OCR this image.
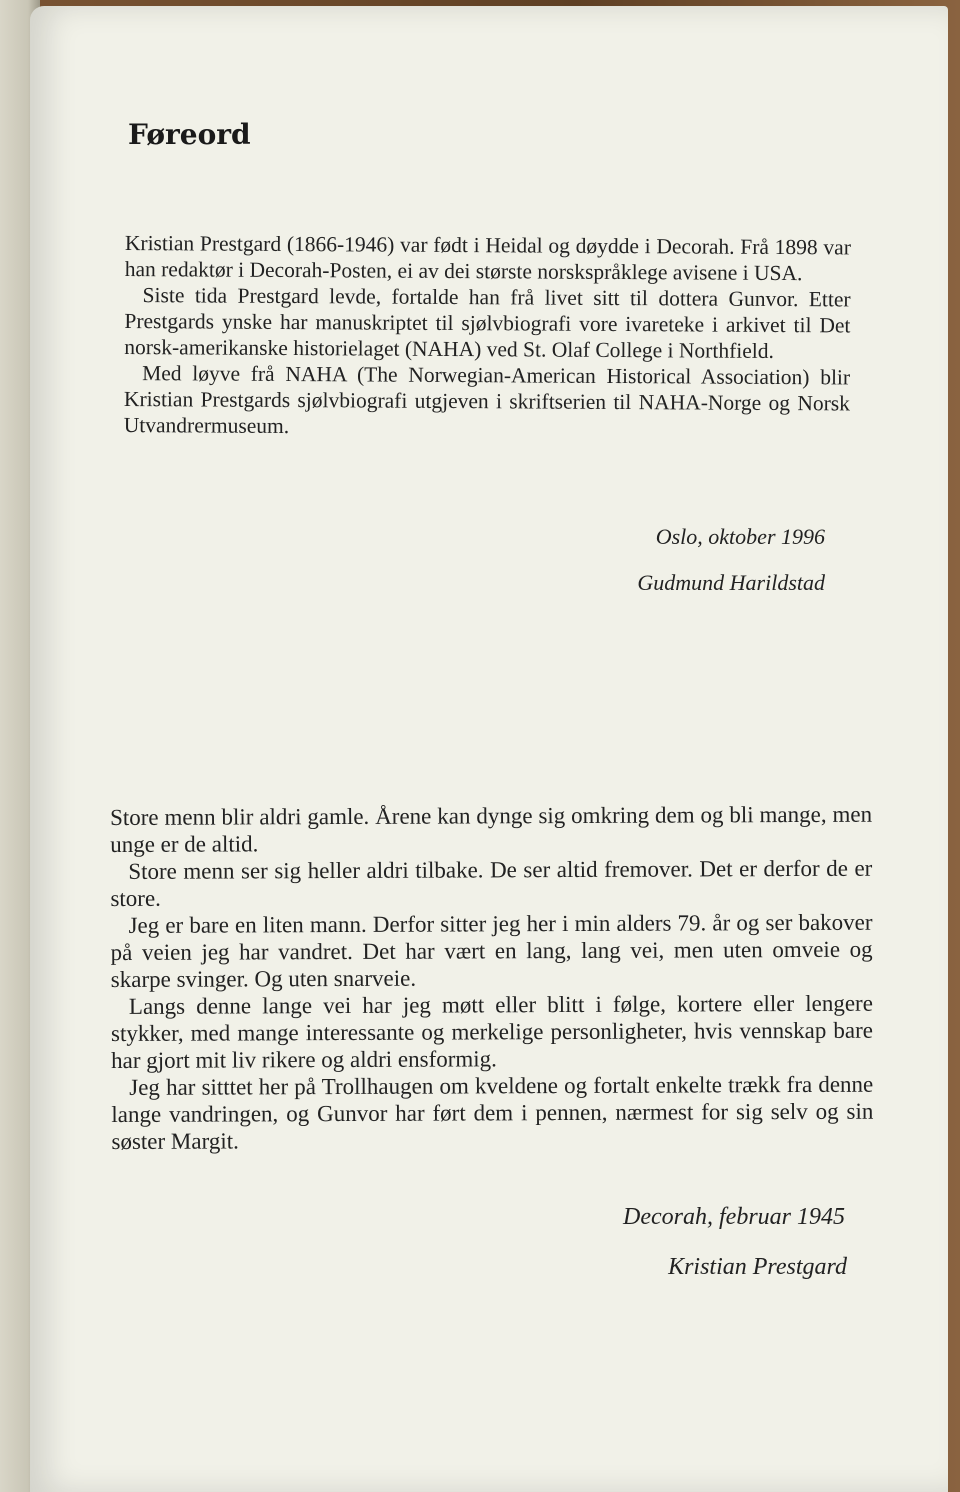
Føreord

Kristian Prestgard (1866-1946) var født i Heidal og døydde i Decorah. Frå 1898 var han redaktør i Decorah-Posten, ei av dei største norskspråklege avisene i USA.

Siste tida Prestgard levde, fortalde han frå livet sitt til dottera Gunvor. Etter Prestgards ynske har manuskriptet til sjølvbiografi vore ivareteke i arkivet til Det norsk-amerikanske historielaget (NAHA) ved St. Olaf College i Northfield.

Med løyve frå NAHA (The Norwegian-American Historical Association) blir Kristian Prestgards sjølvbiografi utgjeven i skriftserien til NAHA-Norge og Norsk Utvandrermuseum.

Oslo, oktober 1996
Gudmund Harildstad

Store menn blir aldri gamle. Årene kan dynge sig omkring dem og bli mange, men unge er de altid.

Store menn ser sig heller aldri tilbake. De ser altid fremover. Det er derfor de er store.

Jeg er bare en liten mann. Derfor sitter jeg her i min alders 79. år og ser bakover på veien jeg har vandret. Det har vært en lang, lang vei, men uten omveie og skarpe svinger. Og uten snarveie.

Langs denne lange vei har jeg møtt eller blitt i følge, kortere eller lengere stykker, med mange interessante og merkelige personligheter, hvis vennskap bare har gjort mit liv rikere og aldri ensformig.

Jeg har sitttet her på Trollhaugen om kveldene og fortalt enkelte trækk fra denne lange vandringen, og Gunvor har ført dem i pennen, nærmest for sig selv og sin søster Margit.

Decorah, februar 1945
Kristian Prestgard
